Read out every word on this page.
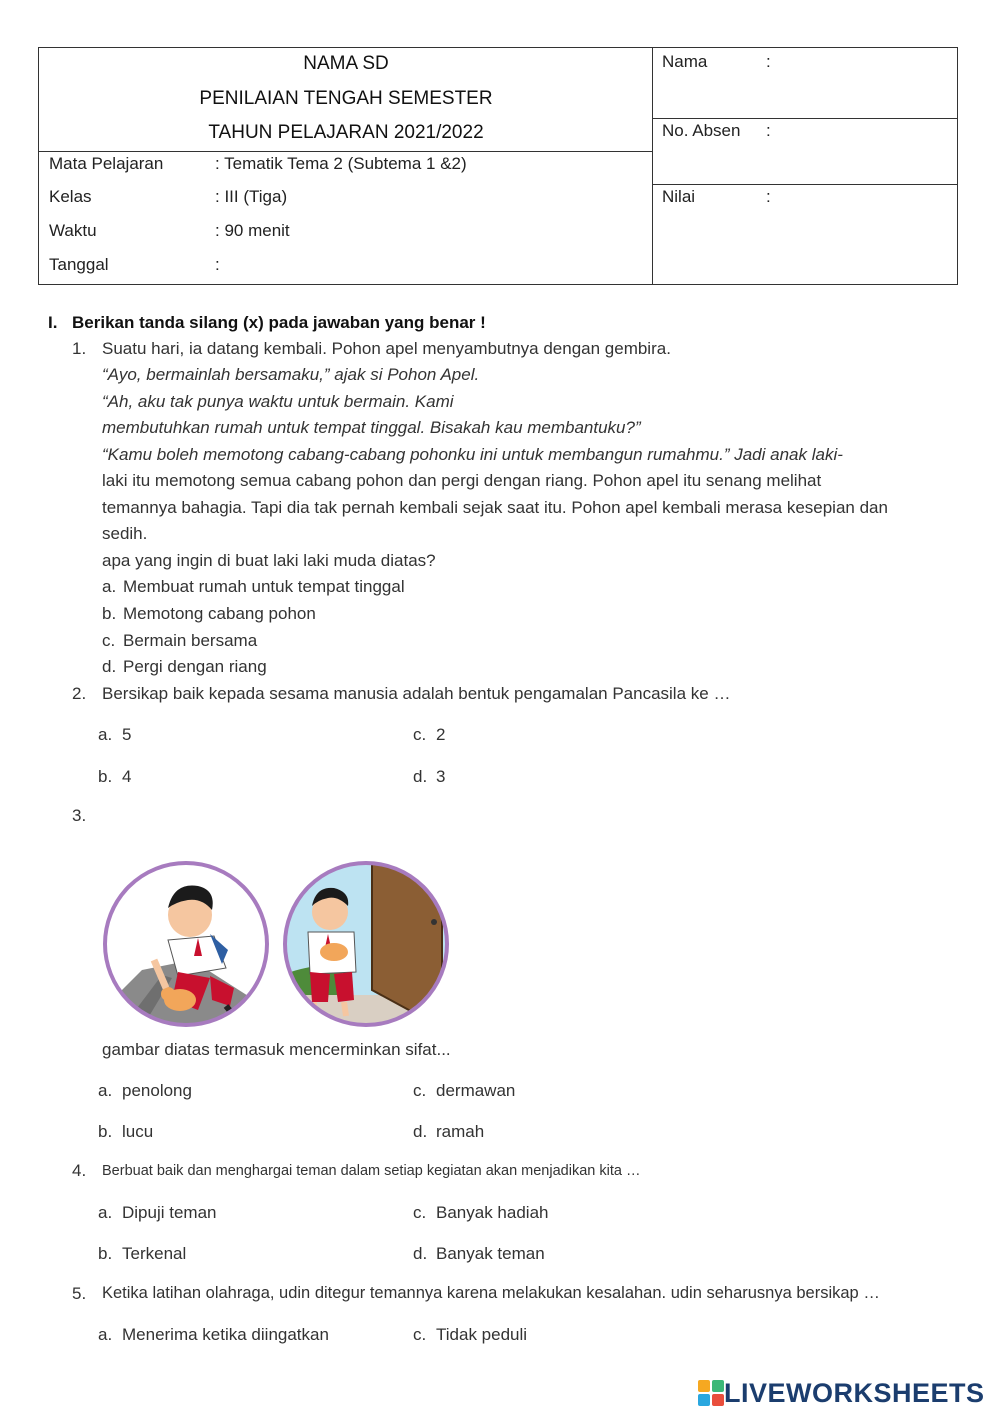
NAMA SD
PENILAIAN TENGAH SEMESTER
TAHUN PELAJARAN 2021/2022
Mata Pelajaran	: Tematik Tema 2 (Subtema 1 &2)
Kelas	: III (Tiga)
Waktu	: 90 menit
Tanggal	:
Nama	:
No. Absen :
Nilai	:
I. Berikan tanda silang (x) pada jawaban yang benar !
1. Suatu hari, ia datang kembali. Pohon apel menyambutnya dengan gembira.
“Ayo, bermainlah bersamaku,” ajak si Pohon Apel.
“Ah, aku tak punya waktu untuk bermain. Kami
membutuhkan rumah untuk tempat tinggal. Bisakah kau membantuku?”
“Kamu boleh memotong cabang-cabang pohonku ini untuk membangun rumahmu.” Jadi anak laki-
laki itu memotong semua cabang pohon dan pergi dengan riang. Pohon apel itu senang melihat
temannya bahagia. Tapi dia tak pernah kembali sejak saat itu. Pohon apel kembali merasa kesepian dan
sedih.
apa yang ingin di buat laki laki muda diatas?
a. Membuat rumah untuk tempat tinggal
b. Memotong cabang pohon
c. Bermain bersama
d. Pergi dengan riang
2. Bersikap baik kepada sesama manusia adalah bentuk pengamalan Pancasila ke …
a. 5	c. 2
b. 4	d. 3
3.
gambar diatas termasuk mencerminkan sifat...
a. penolong	c. dermawan
b. lucu	d. ramah
4. Berbuat baik dan menghargai teman dalam setiap kegiatan akan menjadikan kita …
a. Dipuji teman	c. Banyak hadiah
b. Terkenal	d. Banyak teman
5. Ketika latihan olahraga, udin ditegur temannya karena melakukan kesalahan. udin seharusnya bersikap …
a. Menerima ketika diingatkan	c. Tidak peduli
LIVEWORKSHEETS
